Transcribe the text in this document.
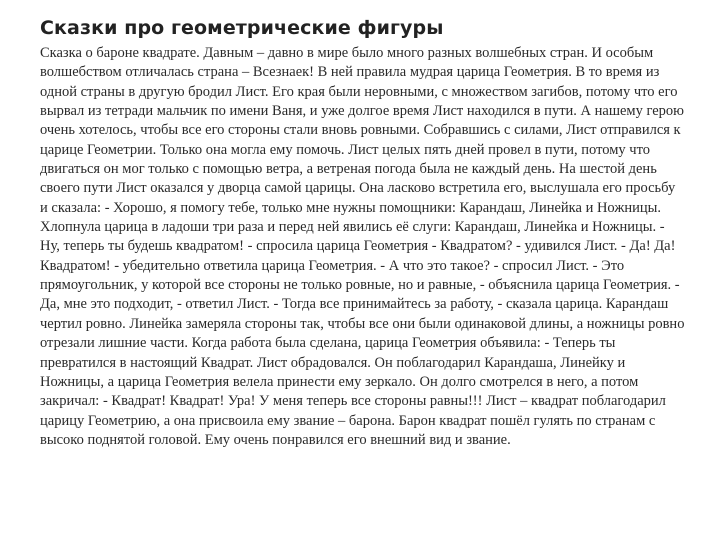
Сказки про геометрические фигуры

Сказка о бароне квадрате. Давным – давно в мире было много разных волшебных стран. И особым волшебством отличалась страна – Всезнаек! В ней правила мудрая царица Геометрия. В то время из одной страны в другую бродил Лист. Его края были неровными, с множеством загибов, потому что его вырвал из тетради мальчик по имени Ваня, и уже долгое время Лист находился в пути. А нашему герою очень хотелось, чтобы все его стороны стали вновь ровными. Собравшись с силами, Лист отправился к царице Геометрии. Только она могла ему помочь. Лист целых пять дней провел в пути, потому что двигаться он мог только с помощью ветра, а ветреная погода была не каждый день. На шестой день своего пути Лист оказался у дворца самой царицы. Она ласково встретила его, выслушала его просьбу и сказала: - Хорошо, я помогу тебе, только мне нужны помощники: Карандаш, Линейка и Ножницы. Хлопнула царица в ладоши три раза и перед ней явились её слуги: Карандаш, Линейка и Ножницы. - Ну, теперь ты будешь квадратом! - спросила царица Геометрия - Квадратом? - удивился Лист. - Да! Да! Квадратом! - убедительно ответила царица Геометрия. - А что это такое? - спросил Лист. - Это прямоугольник, у которой все стороны не только ровные, но и равные, - объяснила царица Геометрия. - Да, мне это подходит, - ответил Лист. - Тогда все принимайтесь за работу, - сказала царица. Карандаш чертил ровно. Линейка замеряла стороны так, чтобы все они были одинаковой длины, а ножницы ровно отрезали лишние части. Когда работа была сделана, царица Геометрия объявила: - Теперь ты превратился в настоящий Квадрат. Лист обрадовался. Он поблагодарил Карандаша, Линейку и Ножницы, а царица Геометрия велела принести ему зеркало. Он долго смотрелся в него, а потом закричал: - Квадрат! Квадрат! Ура! У меня теперь все стороны равны!!! Лист – квадрат поблагодарил царицу Геометрию, а она присвоила ему звание – барона. Барон квадрат пошёл гулять по странам с высоко поднятой головой. Ему очень понравился его внешний вид и звание.
